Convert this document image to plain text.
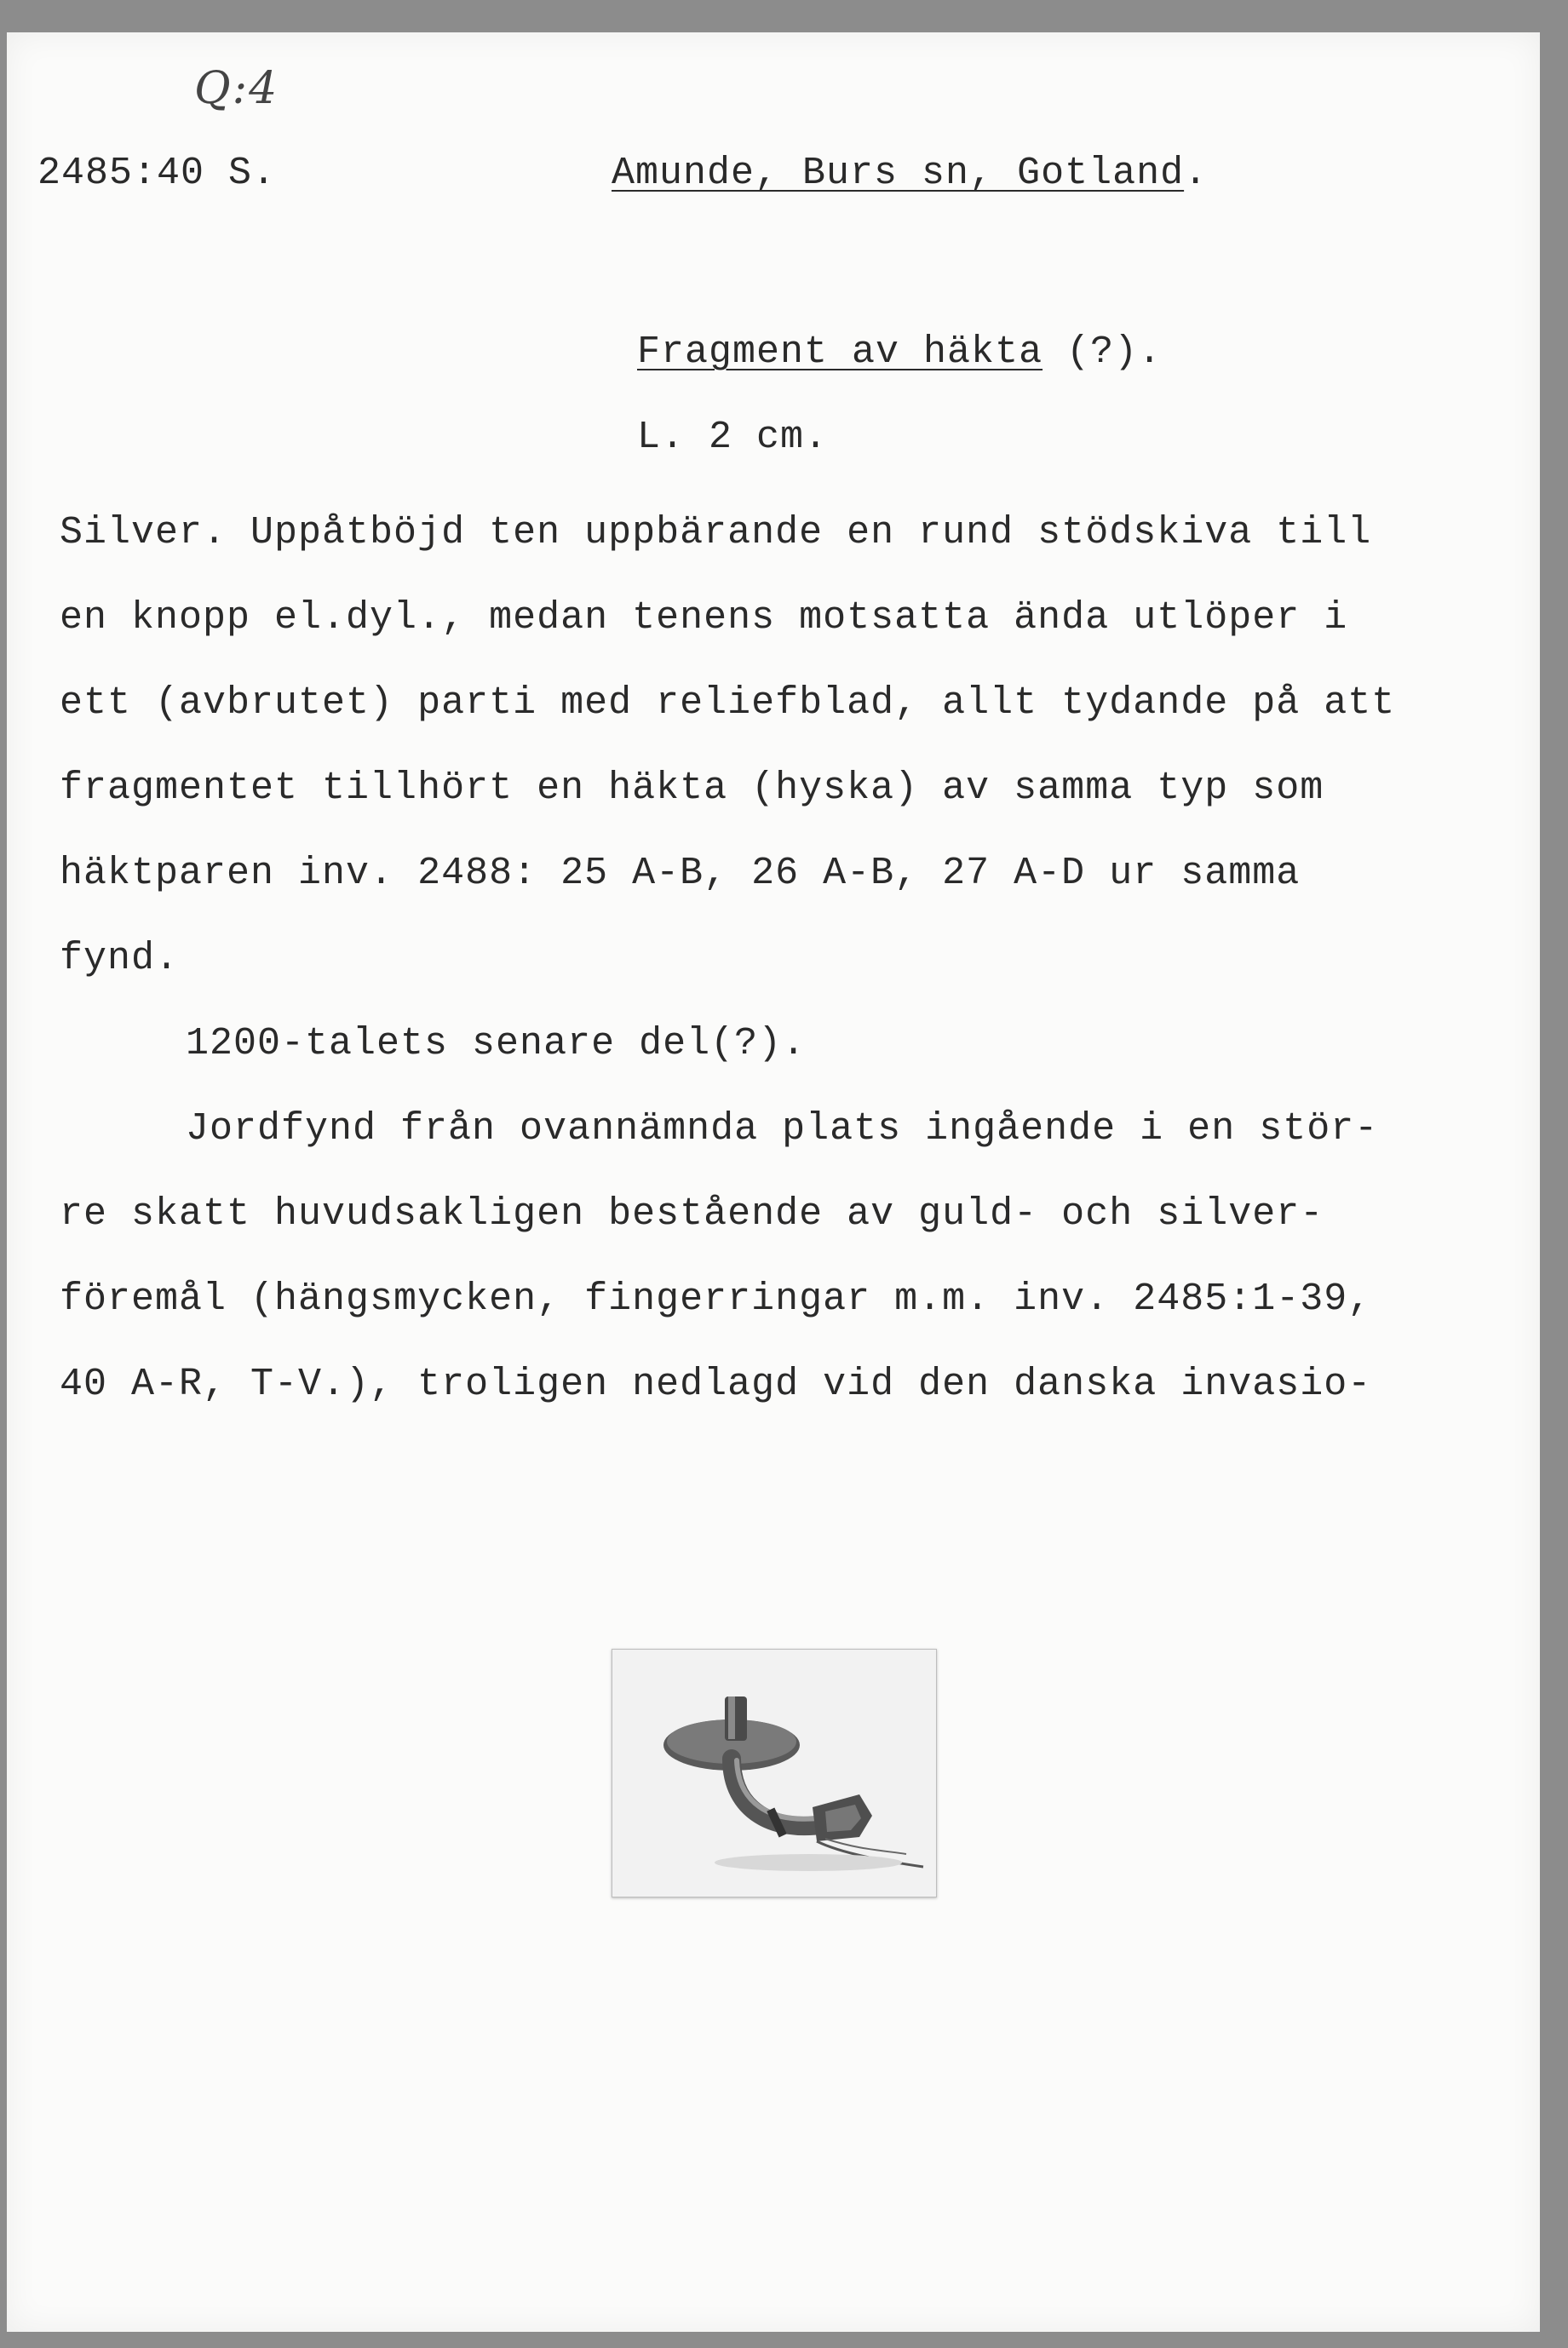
Q:4
2485:40 S.	Amunde, Burs sn, Gotland.
Fragment av häkta (?).
L. 2 cm.
Silver. Uppåtböjd ten uppbärande en rund stödskiva till
en knopp el.dyl., medan tenens motsatta ända utlöper i
ett (avbrutet) parti med reliefblad, allt tydande på att
fragmentet tillhört en häkta (hyska) av samma typ som
häktparen inv. 2488: 25 A-B, 26 A-B, 27 A-D ur samma
fynd.
1200-talets senare del(?).
Jordfynd från ovannämnda plats ingående i en stör-
re skatt huvudsakligen bestående av guld- och silver-
föremål (hängsmycken, fingerringar m.m. inv. 2485:1-39,
40 A-R, T-V.), troligen nedlagd vid den danska invasio-
